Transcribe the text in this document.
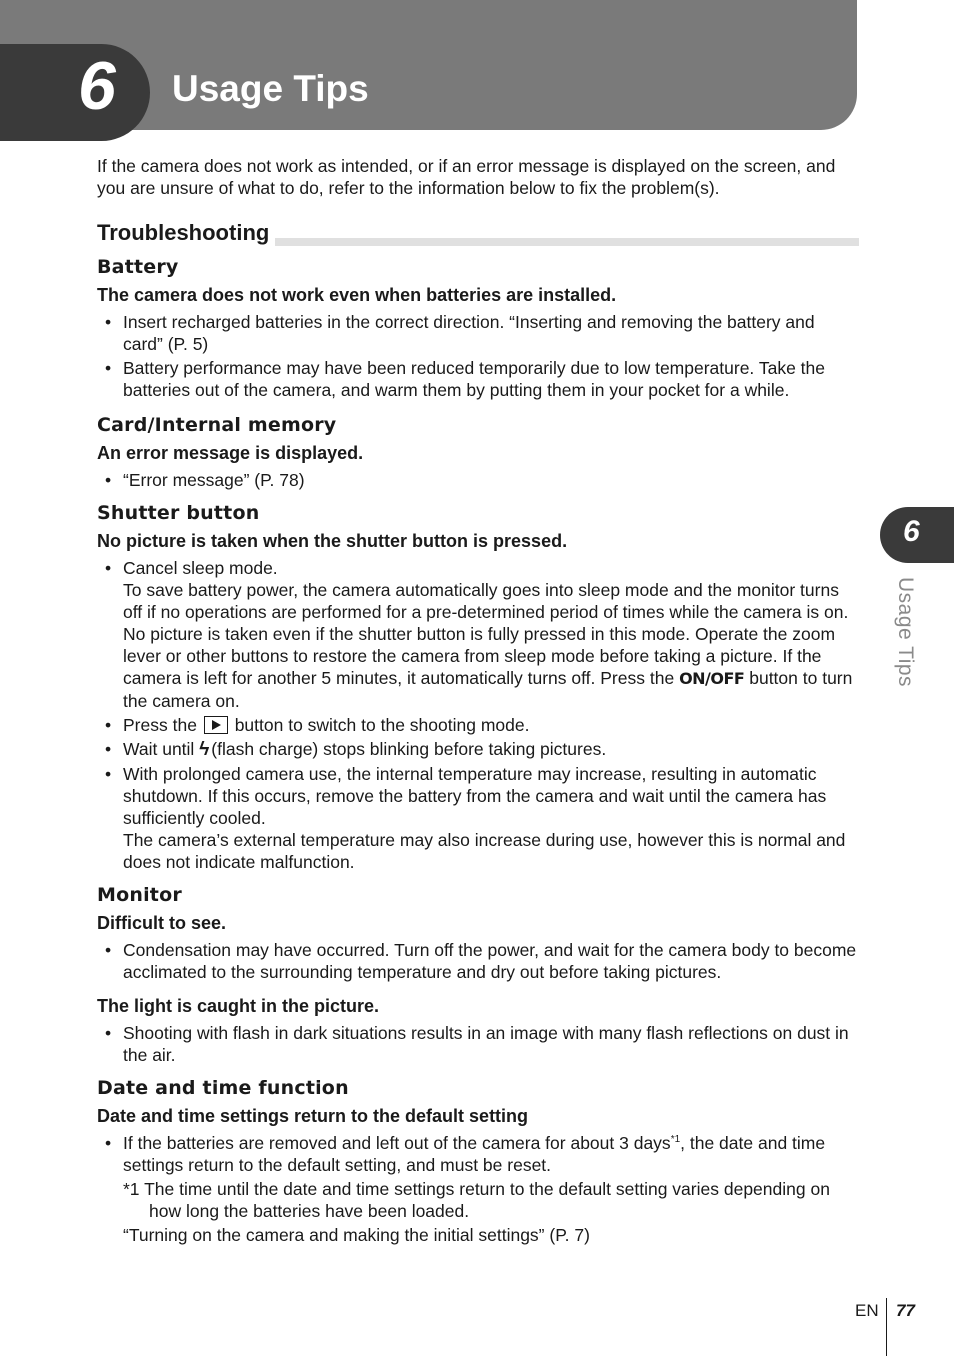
6 Usage Tips
6
Usage Tips

If the camera does not work as intended, or if an error message is displayed on the screen, and you are unsure of what to do, refer to the information below to fix the problem(s).

Troubleshooting
Battery
The camera does not work even when batteries are installed.
• Insert recharged batteries in the correct direction. “Inserting and removing the battery and card” (P. 5)
• Battery performance may have been reduced temporarily due to low temperature. Take the batteries out of the camera, and warm them by putting them in your pocket for a while.
Card/Internal memory
An error message is displayed.
• “Error message” (P. 78)
Shutter button
No picture is taken when the shutter button is pressed.
• Cancel sleep mode.
To save battery power, the camera automatically goes into sleep mode and the monitor turns off if no operations are performed for a pre-determined period of times while the camera is on. No picture is taken even if the shutter button is fully pressed in this mode. Operate the zoom lever or other buttons to restore the camera from sleep mode before taking a picture. If the camera is left for another 5 minutes, it automatically turns off. Press the ON/OFF button to turn the camera on.
• Press the button to switch to the shooting mode.
• Wait until ϟ (flash charge) stops blinking before taking pictures.
• With prolonged camera use, the internal temperature may increase, resulting in automatic shutdown. If this occurs, remove the battery from the camera and wait until the camera has sufficiently cooled.
The camera’s external temperature may also increase during use, however this is normal and does not indicate malfunction.
Monitor
Difficult to see.
• Condensation may have occurred. Turn off the power, and wait for the camera body to become acclimated to the surrounding temperature and dry out before taking pictures.
The light is caught in the picture.
• Shooting with flash in dark situations results in an image with many flash reflections on dust in the air.
Date and time function
Date and time settings return to the default setting
• If the batteries are removed and left out of the camera for about 3 days$^{*1}$, the date and time settings return to the default setting, and must be reset.
*1 The time until the date and time settings return to the default setting varies depending on how long the batteries have been loaded.
“Turning on the camera and making the initial settings” (P. 7)
EN 77
